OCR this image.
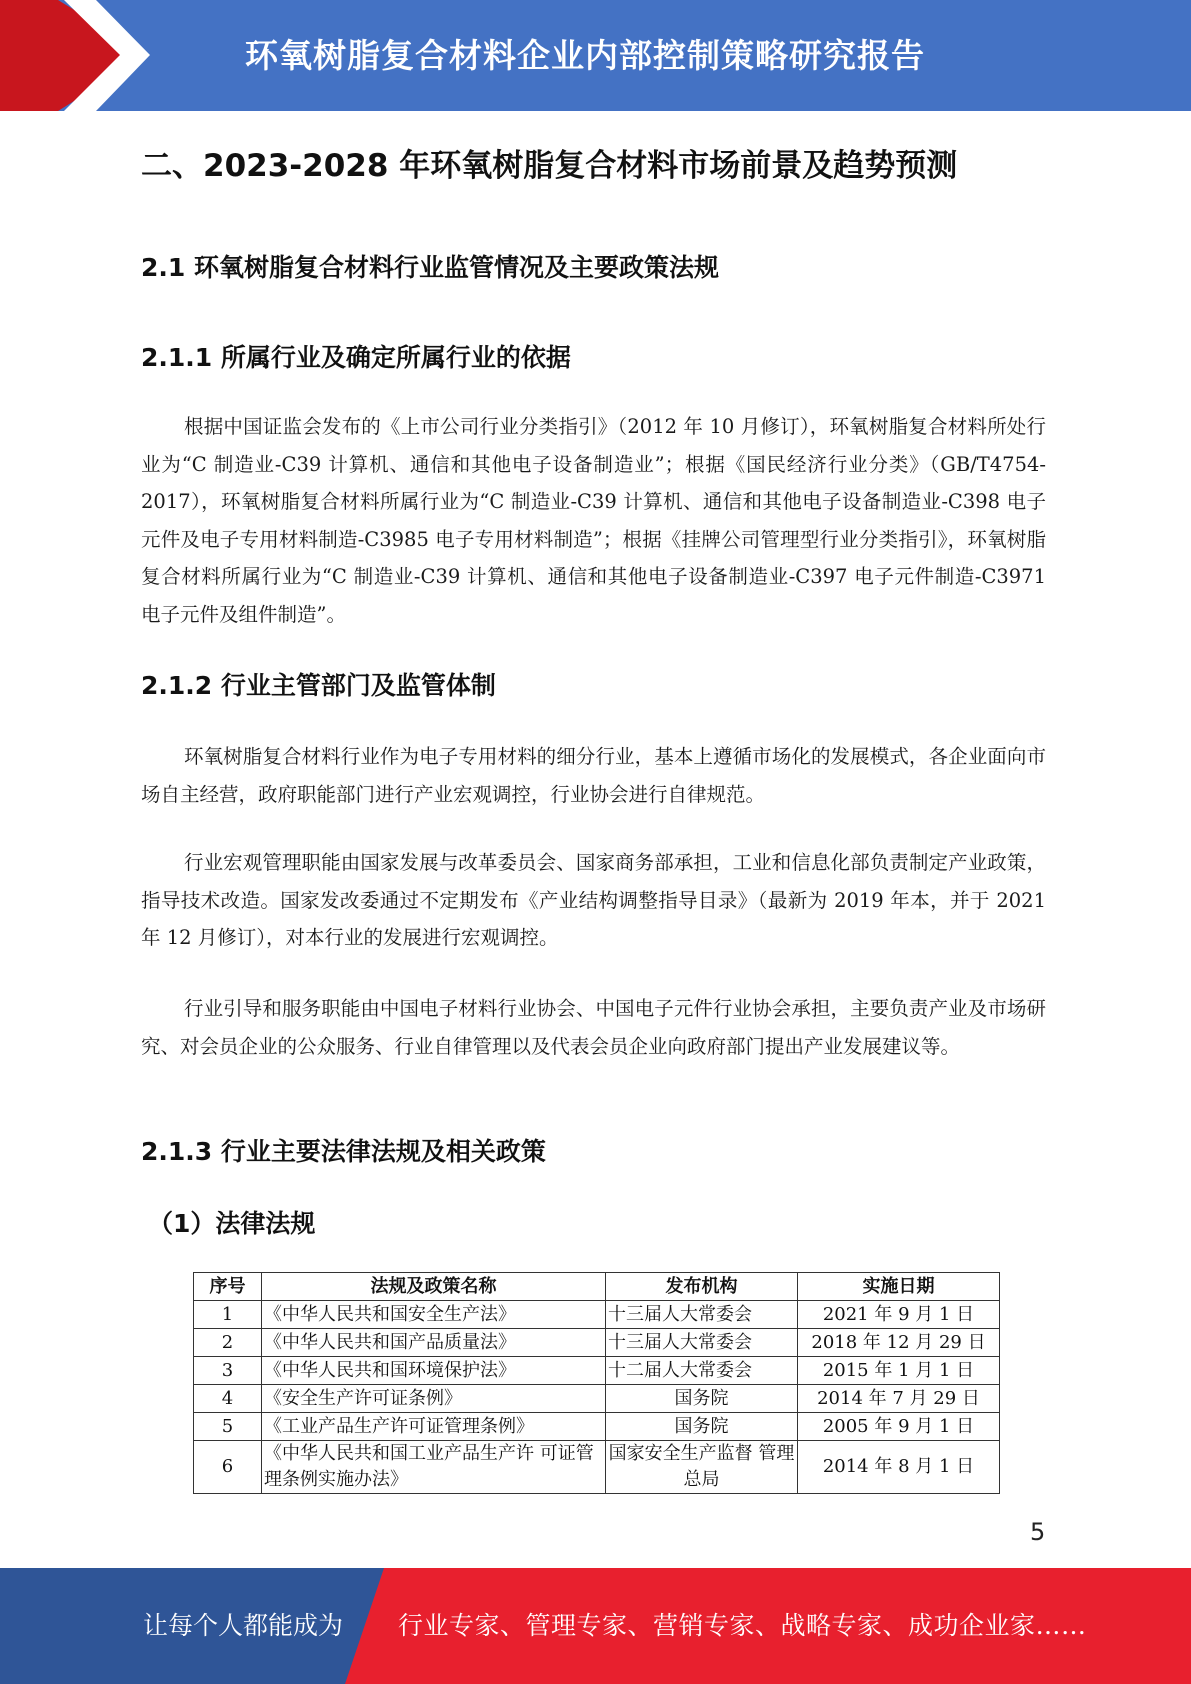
环氧树脂复合材料企业内部控制策略研究报告
二、2023-2028 年环氧树脂复合材料市场前景及趋势预测
2.1 环氧树脂复合材料行业监管情况及主要政策法规
2.1.1 所属行业及确定所属行业的依据

根据中国证监会发布的《上市公司行业分类指引》（2012 年 10 月修订），环氧树脂复合材料所处行业为“C 制造业-C39 计算机、通信和其他电子设备制造业”；根据《国民经济行业分类》（GB/T4754-2017），环氧树脂复合材料所属行业为“C 制造业-C39 计算机、通信和其他电子设备制造业-C398 电子元件及电子专用材料制造-C3985 电子专用材料制造”；根据《挂牌公司管理型行业分类指引》，环氧树脂复合材料所属行业为“C 制造业-C39 计算机、通信和其他电子设备制造业-C397 电子元件制造-C3971 电子元件及组件制造”。

2.1.2 行业主管部门及监管体制

环氧树脂复合材料行业作为电子专用材料的细分行业，基本上遵循市场化的发展模式，各企业面向市场自主经营，政府职能部门进行产业宏观调控，行业协会进行自律规范。

行业宏观管理职能由国家发展与改革委员会、国家商务部承担，工业和信息化部负责制定产业政策，指导技术改造。国家发改委通过不定期发布《产业结构调整指导目录》（最新为 2019 年本，并于 2021 年 12 月修订），对本行业的发展进行宏观调控。

行业引导和服务职能由中国电子材料行业协会、中国电子元件行业协会承担，主要负责产业及市场研究、对会员企业的公众服务、行业自律管理以及代表会员企业向政府部门提出产业发展建议等。

2.1.3 行业主要法律法规及相关政策
（1）法律法规
序号	法规及政策名称	发布机构	实施日期
1	《中华人民共和国安全生产法》	十三届人大常委会	2021 年 9 月 1 日
2	《中华人民共和国产品质量法》	十三届人大常委会	2018 年 12 月 29 日
3	《中华人民共和国环境保护法》	十二届人大常委会	2015 年 1 月 1 日
4	《安全生产许可证条例》	国务院	2014 年 7 月 29 日
5	《工业产品生产许可证管理条例》	国务院	2005 年 9 月 1 日
6	《中华人民共和国工业产品生产许 可证管理条例实施办法》	国家安全生产监督 管理总局	2014 年 8 月 1 日
5
让每个人都能成为 行业专家、管理专家、营销专家、战略专家、成功企业家……
